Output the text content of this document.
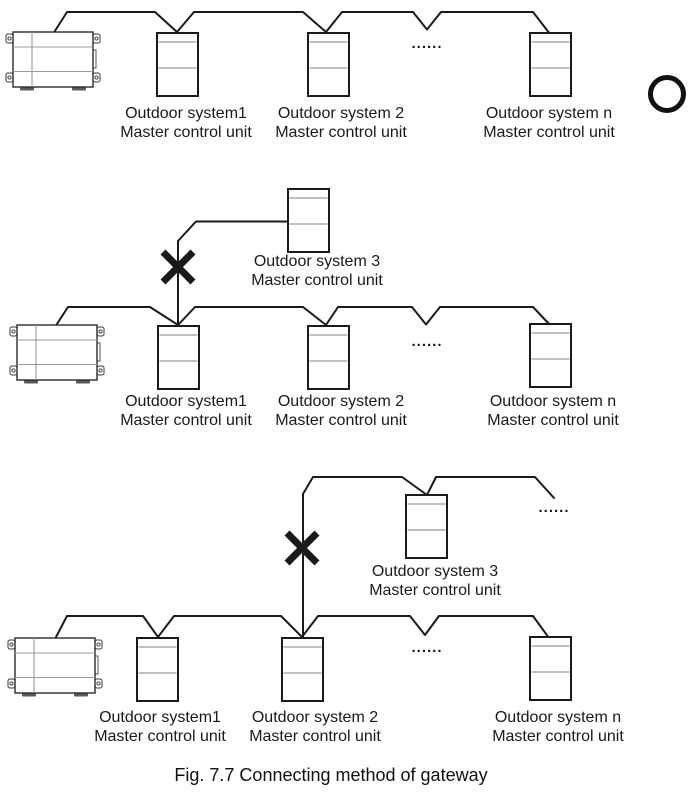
Outdoor system1
Master control unit
Outdoor system 2
Master control unit
Outdoor system n
Master control unit
......
Outdoor system 3
Master control unit
Outdoor system1
Master control unit
Outdoor system 2
Master control unit
Outdoor system n
Master control unit
......
Outdoor system 3
Master control unit
Outdoor system1
Master control unit
Outdoor system 2
Master control unit
Outdoor system n
Master control unit
......
......
Fig. 7.7 Connecting method of gateway
